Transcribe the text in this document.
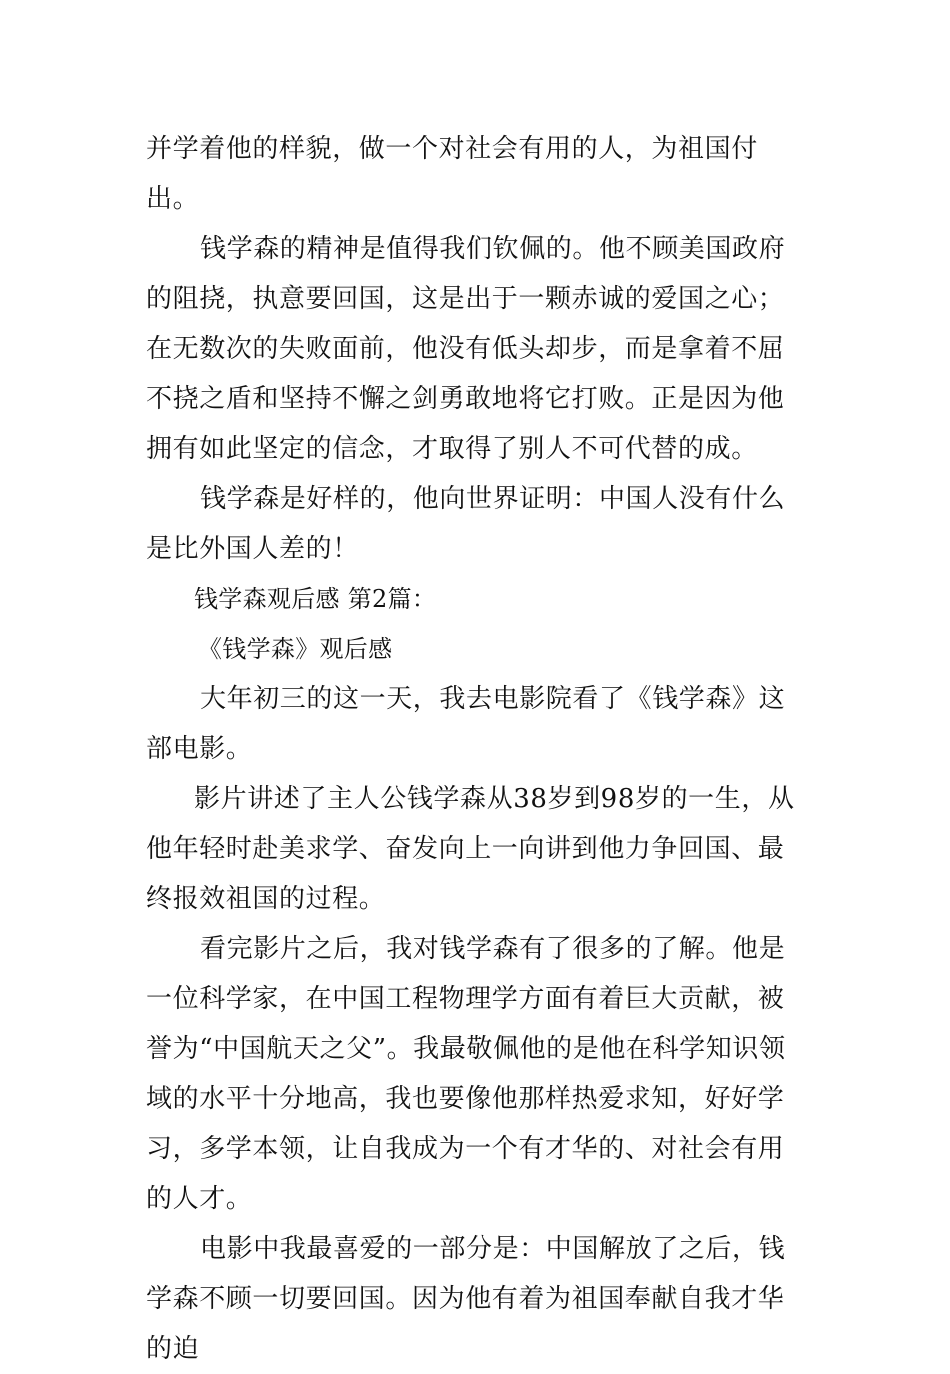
并学着他的样貌，做一个对社会有用的人，为祖国付出。

钱学森的精神是值得我们钦佩的。他不顾美国政府的阻挠，执意要回国，这是出于一颗赤诚的爱国之心；在无数次的失败面前，他没有低头却步，而是拿着不屈不挠之盾和坚持不懈之剑勇敢地将它打败。正是因为他拥有如此坚定的信念，才取得了别人不可代替的成。

钱学森是好样的，他向世界证明：中国人没有什么是比外国人差的！

钱学森观后感 第2篇：

《钱学森》观后感

大年初三的这一天，我去电影院看了《钱学森》这部电影。

影片讲述了主人公钱学森从38岁到98岁的一生，从他年轻时赴美求学、奋发向上一向讲到他力争回国、最终报效祖国的过程。

看完影片之后，我对钱学森有了很多的了解。他是一位科学家，在中国工程物理学方面有着巨大贡献，被誉为“中国航天之父”。我最敬佩他的是他在科学知识领域的水平十分地高，我也要像他那样热爱求知，好好学习，多学本领，让自我成为一个有才华的、对社会有用的人才。

电影中我最喜爱的一部分是：中国解放了之后，钱学森不顾一切要回国。因为他有着为祖国奉献自我才华的迫
